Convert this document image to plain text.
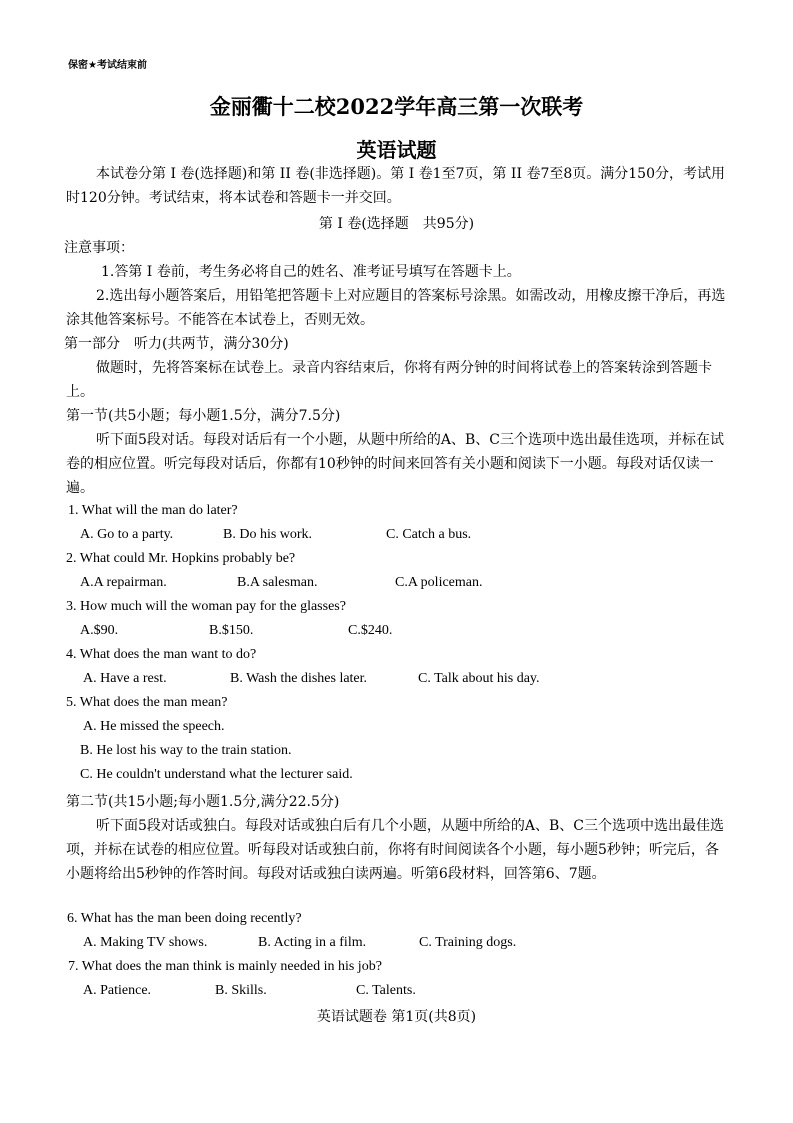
保密★考试结束前
金丽衢十二校2022学年高三第一次联考
英语试题
本试卷分第 I 卷(选择题)和第 II 卷(非选择题)。第 I 卷1至7页，第 II 卷7至8页。满分150分，考试用时120分钟。考试结束，将本试卷和答题卡一并交回。
第 I 卷(选择题　共95分)
注意事项：
1.答第 I 卷前，考生务必将自己的姓名、准考证号填写在答题卡上。
2.选出每小题答案后，用铅笔把答题卡上对应题目的答案标号涂黑。如需改动，用橡皮擦干净后，再选涂其他答案标号。不能答在本试卷上，否则无效。
第一部分　听力(共两节，满分30分)
做题时，先将答案标在试卷上。录音内容结束后，你将有两分钟的时间将试卷上的答案转涂到答题卡上。
第一节(共5小题；每小题1.5分，满分7.5分)
听下面5段对话。每段对话后有一个小题，从题中所给的A、B、C三个选项中选出最佳选项，并标在试卷的相应位置。听完每段对话后，你都有10秒钟的时间来回答有关小题和阅读下一小题。每段对话仅读一遍。
1. What will the man do later?
A. Go to a party.	B. Do his work.	C. Catch a bus.
2. What could Mr. Hopkins probably be?
A.A repairman.	B.A salesman.	C.A policeman.
3. How much will the woman pay for the glasses?
A.$90.	B.$150.	C.$240.
4. What does the man want to do?
A. Have a rest.	B. Wash the dishes later.	C. Talk about his day.
5. What does the man mean?
A. He missed the speech.
B. He lost his way to the train station.
C. He couldn't understand what the lecturer said.
第二节(共15小题;每小题1.5分,满分22.5分)
听下面5段对话或独白。每段对话或独白后有几个小题，从题中所给的A、B、C三个选项中选出最佳选项，并标在试卷的相应位置。听每段对话或独白前，你将有时间阅读各个小题，每小题5秒钟；听完后，各小题将给出5秒钟的作答时间。每段对话或独白读两遍。听第6段材料，回答第6、7题。
6. What has the man been doing recently?
A. Making TV shows.	B. Acting in a film.	C. Training dogs.
7. What does the man think is mainly needed in his job?
A. Patience.	B. Skills.	C. Talents.
英语试题卷 第1页(共8页)
